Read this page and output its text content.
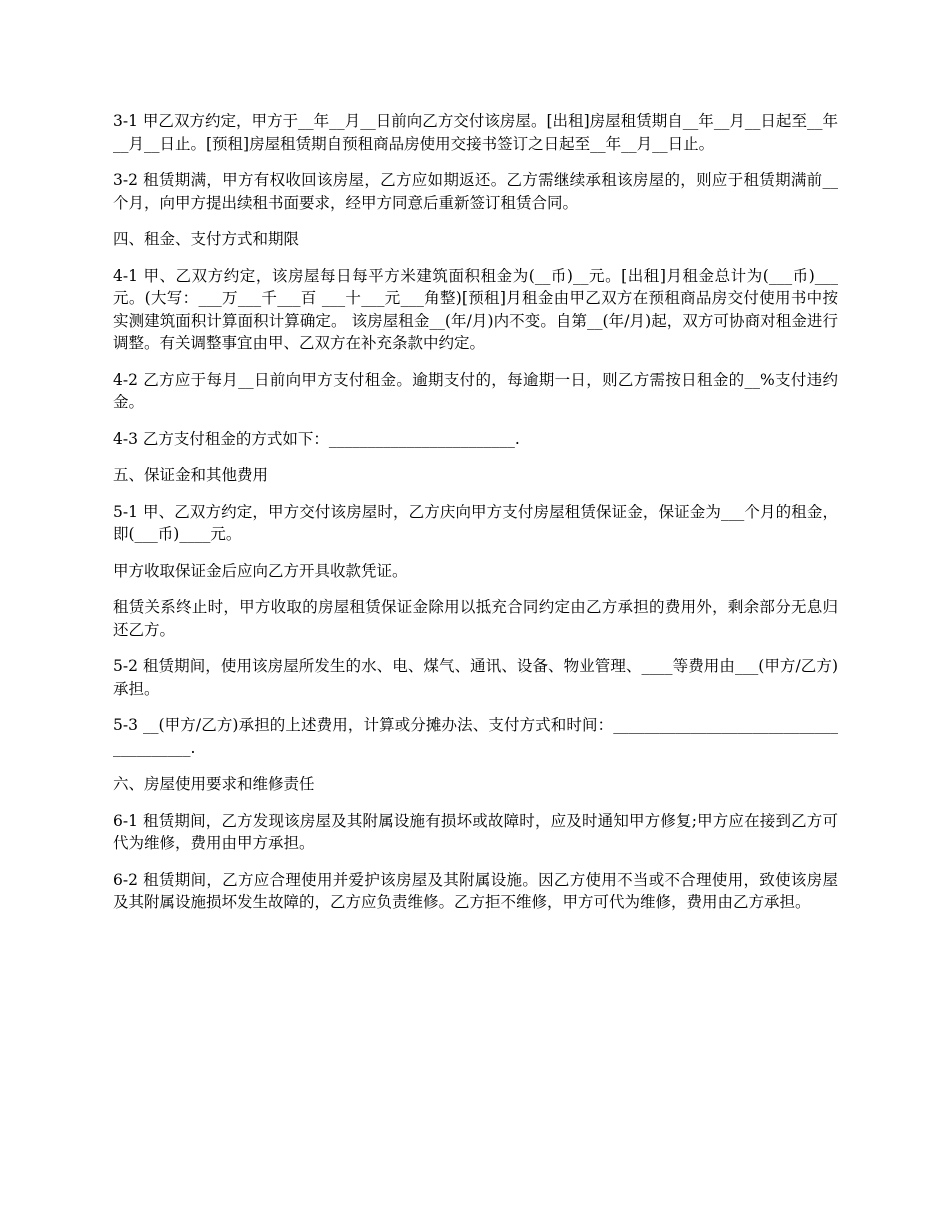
3-1 甲乙双方约定，甲方于__年__月__日前向乙方交付该房屋。[出租]房屋租赁期自__年__月__日起至__年__月__日止。[预租]房屋租赁期自预租商品房使用交接书签订之日起至__年__月__日止。

3-2 租赁期满，甲方有权收回该房屋，乙方应如期返还。乙方需继续承租该房屋的，则应于租赁期满前__个月，向甲方提出续租书面要求，经甲方同意后重新签订租赁合同。

四、租金、支付方式和期限

4-1 甲、乙双方约定，该房屋每日每平方米建筑面积租金为(__币)__元。[出租]月租金总计为(___币)___元。(大写：___万___千___百 ___十___元___角整)[预租]月租金由甲乙双方在预租商品房交付使用书中按实测建筑面积计算面积计算确定。 该房屋租金__(年/月)内不变。自第__(年/月)起，双方可协商对租金进行调整。有关调整事宜由甲、乙双方在补充条款中约定。

4-2 乙方应于每月__日前向甲方支付租金。逾期支付的，每逾期一日，则乙方需按日租金的__%支付违约金。

4-3 乙方支付租金的方式如下：________________________.

五、保证金和其他费用

5-1 甲、乙双方约定，甲方交付该房屋时，乙方庆向甲方支付房屋租赁保证金，保证金为___个月的租金，即(___币)____元。

甲方收取保证金后应向乙方开具收款凭证。

租赁关系终止时，甲方收取的房屋租赁保证金除用以抵充合同约定由乙方承担的费用外，剩余部分无息归还乙方。

5-2 租赁期间，使用该房屋所发生的水、电、煤气、通讯、设备、物业管理、____等费用由___(甲方/乙方)承担。

5-3 __(甲方/乙方)承担的上述费用，计算或分摊办法、支付方式和时间：_______________________________________.

六、房屋使用要求和维修责任

6-1 租赁期间，乙方发现该房屋及其附属设施有损坏或故障时，应及时通知甲方修复;甲方应在接到乙方可代为维修，费用由甲方承担。

6-2 租赁期间，乙方应合理使用并爱护该房屋及其附属设施。因乙方使用不当或不合理使用，致使该房屋及其附属设施损坏发生故障的，乙方应负责维修。乙方拒不维修，甲方可代为维修，费用由乙方承担。
